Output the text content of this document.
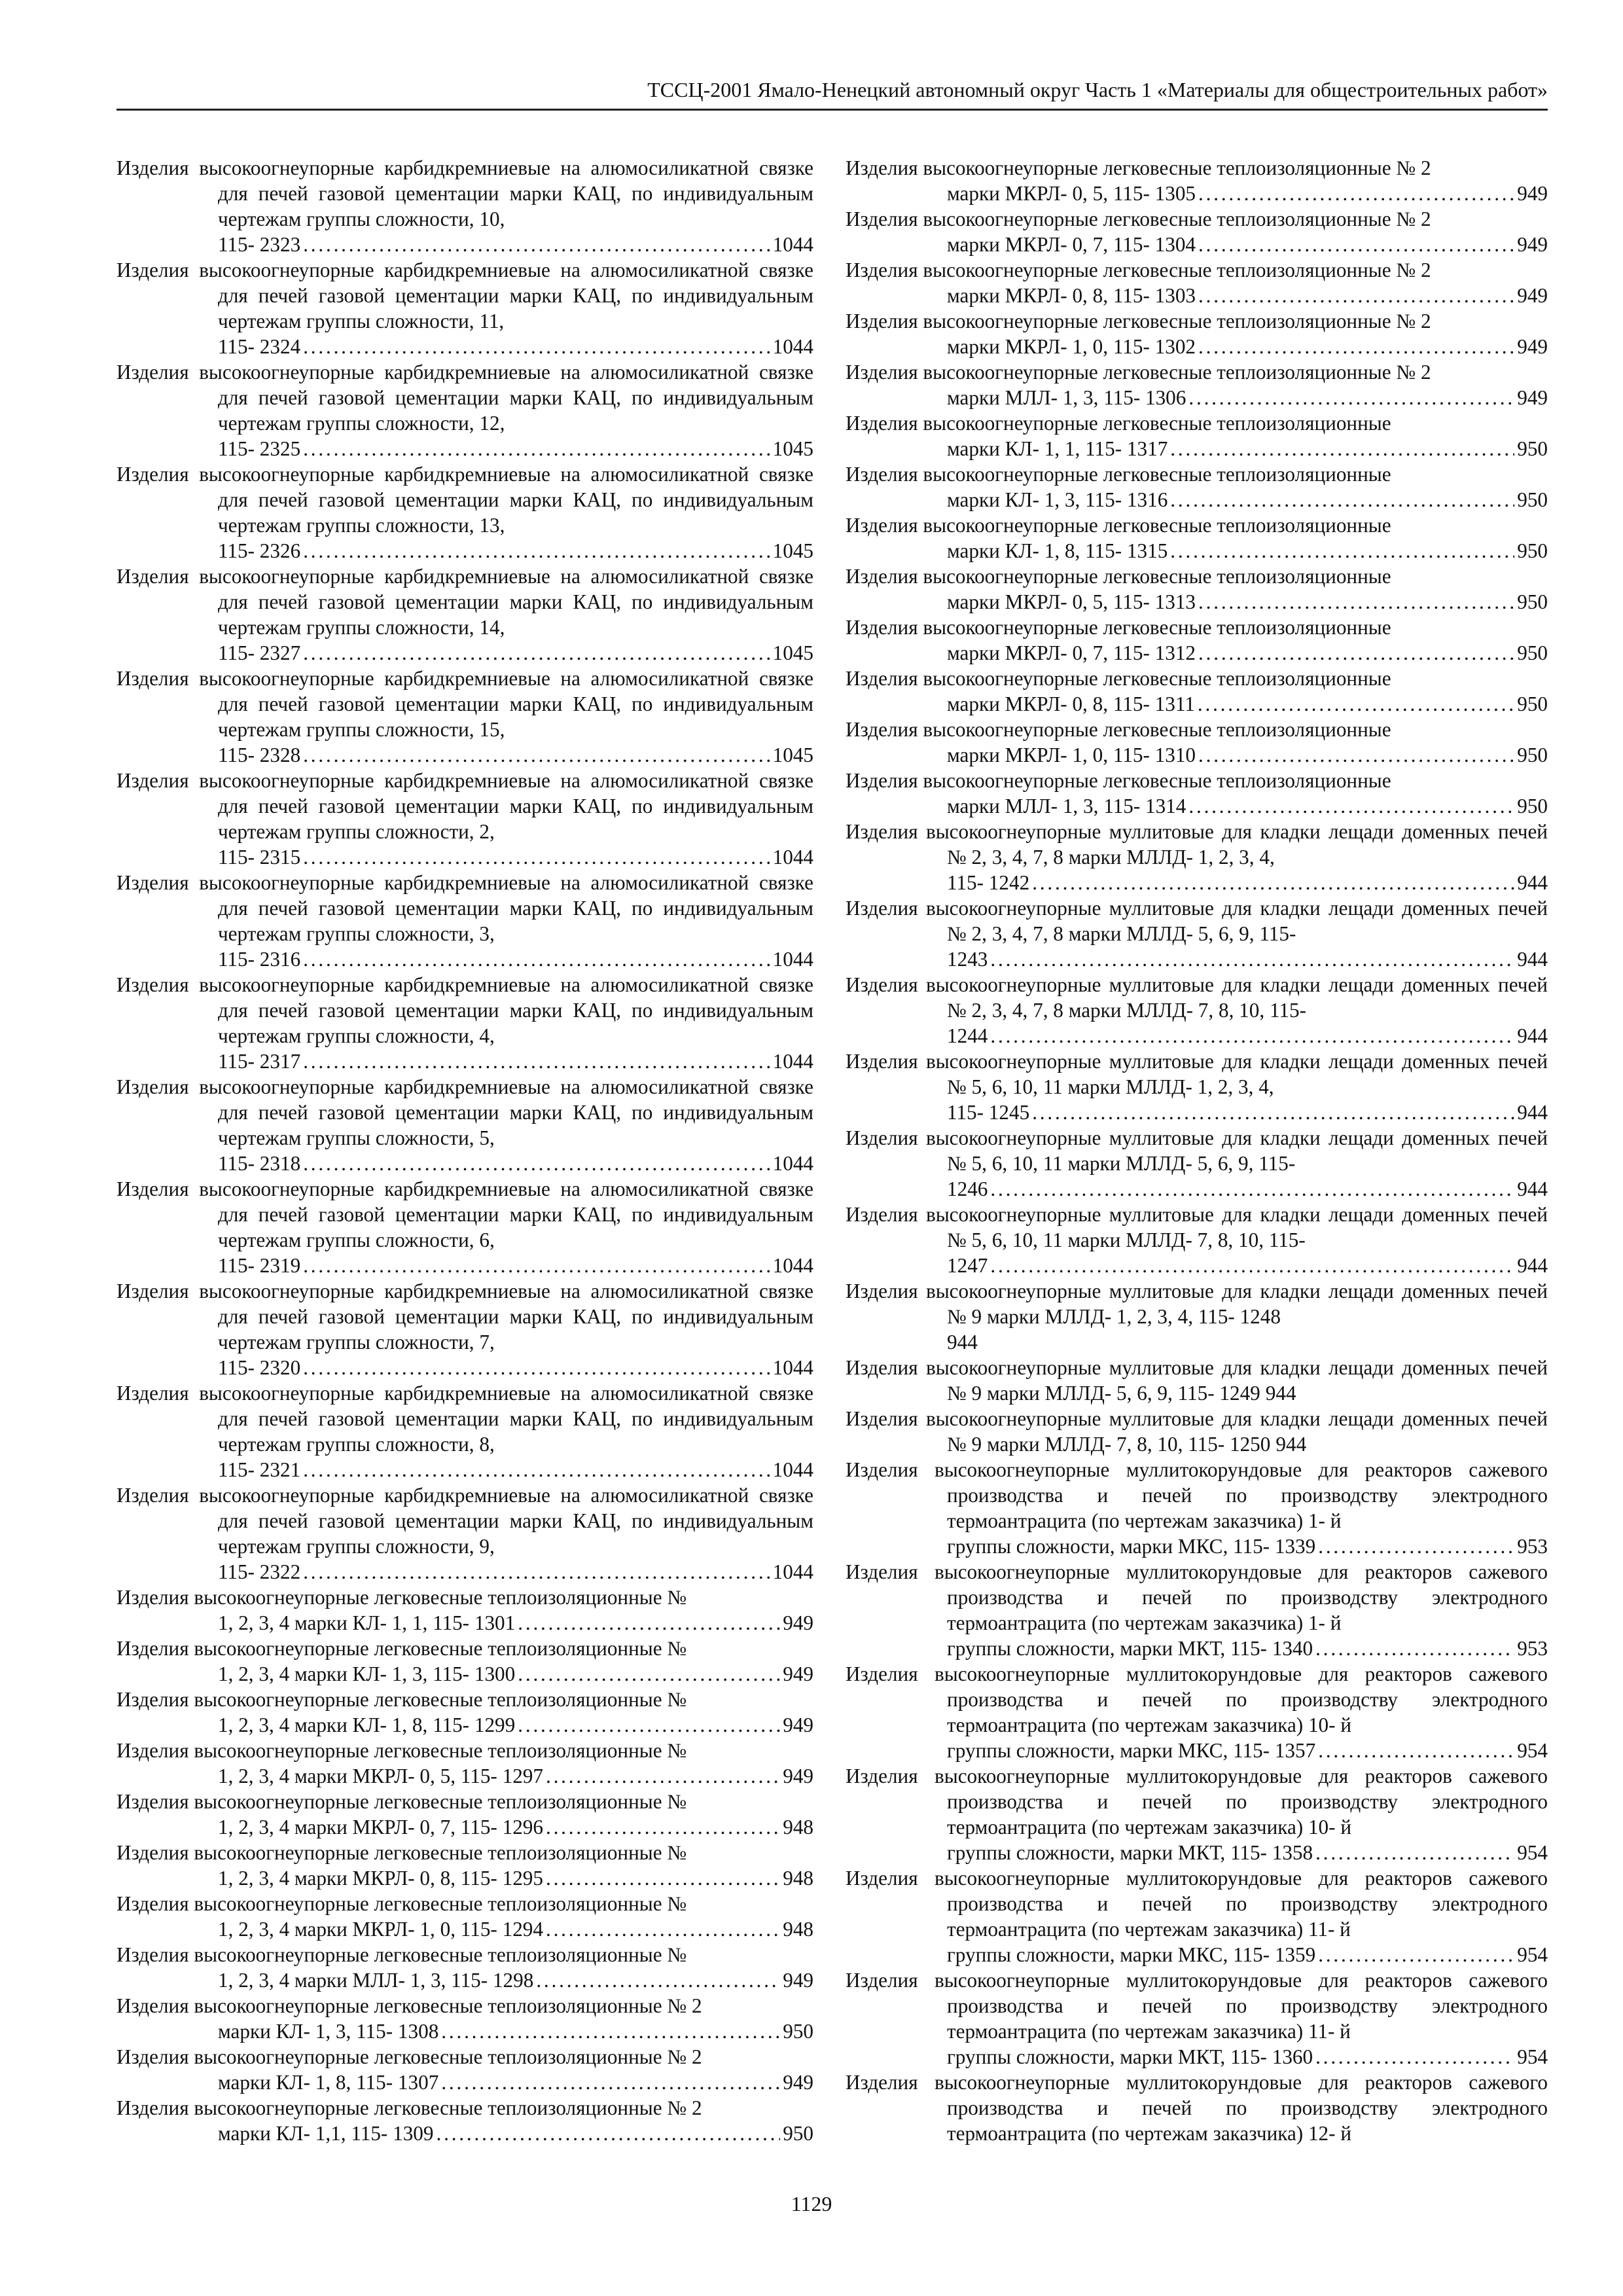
ТССЦ-2001 Ямало-Ненецкий автономный округ Часть 1 «Материалы для общестроительных работ»
Изделия высокоогнеупорные карбидкремниевые на алюмосиликатной связке для печей газовой цементации марки КАЦ, по индивидуальным чертежам группы сложности, 10,
115- 2323 . . .	1044
Изделия высокоогнеупорные карбидкремниевые на алюмосиликатной связке для печей газовой цементации марки КАЦ, по индивидуальным чертежам группы сложности, 11,
115- 2324 . . .	1044
Изделия высокоогнеупорные карбидкремниевые на алюмосиликатной связке для печей газовой цементации марки КАЦ, по индивидуальным чертежам группы сложности, 12,
115- 2325 . . .	1045
Изделия высокоогнеупорные карбидкремниевые на алюмосиликатной связке для печей газовой цементации марки КАЦ, по индивидуальным чертежам группы сложности, 13,
115- 2326 . . .	1045
Изделия высокоогнеупорные карбидкремниевые на алюмосиликатной связке для печей газовой цементации марки КАЦ, по индивидуальным чертежам группы сложности, 14,
115- 2327 . . .	1045
Изделия высокоогнеупорные карбидкремниевые на алюмосиликатной связке для печей газовой цементации марки КАЦ, по индивидуальным чертежам группы сложности, 15,
115- 2328 . . .	1045
Изделия высокоогнеупорные карбидкремниевые на алюмосиликатной связке для печей газовой цементации марки КАЦ, по индивидуальным чертежам группы сложности, 2,
115- 2315 . . .	1044
Изделия высокоогнеупорные карбидкремниевые на алюмосиликатной связке для печей газовой цементации марки КАЦ, по индивидуальным чертежам группы сложности, 3,
115- 2316 . . .	1044
Изделия высокоогнеупорные карбидкремниевые на алюмосиликатной связке для печей газовой цементации марки КАЦ, по индивидуальным чертежам группы сложности, 4,
115- 2317 . . .	1044
Изделия высокоогнеупорные карбидкремниевые на алюмосиликатной связке для печей газовой цементации марки КАЦ, по индивидуальным чертежам группы сложности, 5,
115- 2318 . . .	1044
Изделия высокоогнеупорные карбидкремниевые на алюмосиликатной связке для печей газовой цементации марки КАЦ, по индивидуальным чертежам группы сложности, 6,
115- 2319 . . .	1044
Изделия высокоогнеупорные карбидкремниевые на алюмосиликатной связке для печей газовой цементации марки КАЦ, по индивидуальным чертежам группы сложности, 7,
115- 2320 . . .	1044
Изделия высокоогнеупорные карбидкремниевые на алюмосиликатной связке для печей газовой цементации марки КАЦ, по индивидуальным чертежам группы сложности, 8,
115- 2321 . . .	1044
Изделия высокоогнеупорные карбидкремниевые на алюмосиликатной связке для печей газовой цементации марки КАЦ, по индивидуальным чертежам группы сложности, 9,
115- 2322 . . .	1044
Изделия высокоогнеупорные легковесные теплоизоляционные №
1, 2, 3, 4 марки КЛ- 1, 1, 115- 1301 . . .	949
Изделия высокоогнеупорные легковесные теплоизоляционные №
1, 2, 3, 4 марки КЛ- 1, 3, 115- 1300 . . .	949
Изделия высокоогнеупорные легковесные теплоизоляционные №
1, 2, 3, 4 марки КЛ- 1, 8, 115- 1299 . . .	949
Изделия высокоогнеупорные легковесные теплоизоляционные №
1, 2, 3, 4 марки МКРЛ- 0, 5, 115- 1297 . . .	949
Изделия высокоогнеупорные легковесные теплоизоляционные №
1, 2, 3, 4 марки МКРЛ- 0, 7, 115- 1296 . . .	948
Изделия высокоогнеупорные легковесные теплоизоляционные №
1, 2, 3, 4 марки МКРЛ- 0, 8, 115- 1295 . . .	948
Изделия высокоогнеупорные легковесные теплоизоляционные №
1, 2, 3, 4 марки МКРЛ- 1, 0, 115- 1294 . . .	948
Изделия высокоогнеупорные легковесные теплоизоляционные №
1, 2, 3, 4 марки МЛЛ- 1, 3, 115- 1298 . . .	949
Изделия высокоогнеупорные легковесные теплоизоляционные № 2
марки КЛ- 1, 3, 115- 1308 . . .	950
Изделия высокоогнеупорные легковесные теплоизоляционные № 2
марки КЛ- 1, 8, 115- 1307 . . .	949
Изделия высокоогнеупорные легковесные теплоизоляционные № 2
марки КЛ- 1,1, 115- 1309 . . .	950
Изделия высокоогнеупорные легковесные теплоизоляционные № 2
марки МКРЛ- 0, 5, 115- 1305 . . .	949
Изделия высокоогнеупорные легковесные теплоизоляционные № 2
марки МКРЛ- 0, 7, 115- 1304 . . .	949
Изделия высокоогнеупорные легковесные теплоизоляционные № 2
марки МКРЛ- 0, 8, 115- 1303 . . .	949
Изделия высокоогнеупорные легковесные теплоизоляционные № 2
марки МКРЛ- 1, 0, 115- 1302 . . .	949
Изделия высокоогнеупорные легковесные теплоизоляционные № 2
марки МЛЛ- 1, 3, 115- 1306 . . .	949
Изделия высокоогнеупорные легковесные теплоизоляционные
марки КЛ- 1, 1, 115- 1317 . . .	950
Изделия высокоогнеупорные легковесные теплоизоляционные
марки КЛ- 1, 3, 115- 1316 . . .	950
Изделия высокоогнеупорные легковесные теплоизоляционные
марки КЛ- 1, 8, 115- 1315 . . .	950
Изделия высокоогнеупорные легковесные теплоизоляционные
марки МКРЛ- 0, 5, 115- 1313 . . .	950
Изделия высокоогнеупорные легковесные теплоизоляционные
марки МКРЛ- 0, 7, 115- 1312 . . .	950
Изделия высокоогнеупорные легковесные теплоизоляционные
марки МКРЛ- 0, 8, 115- 1311 . . .	950
Изделия высокоогнеупорные легковесные теплоизоляционные
марки МКРЛ- 1, 0, 115- 1310 . . .	950
Изделия высокоогнеупорные легковесные теплоизоляционные
марки МЛЛ- 1, 3, 115- 1314 . . .	950
Изделия высокоогнеупорные муллитовые для кладки лещади доменных печей № 2, 3, 4, 7, 8 марки МЛЛД- 1, 2, 3, 4,
115- 1242 . . .	944
Изделия высокоогнеупорные муллитовые для кладки лещади доменных печей № 2, 3, 4, 7, 8 марки МЛЛД- 5, 6, 9, 115-
1243 . . .	944
Изделия высокоогнеупорные муллитовые для кладки лещади доменных печей № 2, 3, 4, 7, 8 марки МЛЛД- 7, 8, 10, 115-
1244 . . .	944
Изделия высокоогнеупорные муллитовые для кладки лещади доменных печей № 5, 6, 10, 11 марки МЛЛД- 1, 2, 3, 4,
115- 1245 . . .	944
Изделия высокоогнеупорные муллитовые для кладки лещади доменных печей № 5, 6, 10, 11 марки МЛЛД- 5, 6, 9, 115-
1246 . . .	944
Изделия высокоогнеупорные муллитовые для кладки лещади доменных печей № 5, 6, 10, 11 марки МЛЛД- 7, 8, 10, 115-
1247 . . .	944
Изделия высокоогнеупорные муллитовые для кладки лещади доменных печей № 9 марки МЛЛД- 1, 2, 3, 4, 115- 1248
944
Изделия высокоогнеупорные муллитовые для кладки лещади доменных печей № 9 марки МЛЛД- 5, 6, 9, 115- 1249 944
Изделия высокоогнеупорные муллитовые для кладки лещади доменных печей № 9 марки МЛЛД- 7, 8, 10, 115- 1250 944
Изделия высокоогнеупорные муллитокорундовые для реакторов сажевого производства и печей по производству электродного термоантрацита (по чертежам заказчика) 1- й
группы сложности, марки МКС, 115- 1339 . . .	953
Изделия высокоогнеупорные муллитокорундовые для реакторов сажевого производства и печей по производству электродного термоантрацита (по чертежам заказчика) 1- й
группы сложности, марки МКТ, 115- 1340 . . .	953
Изделия высокоогнеупорные муллитокорундовые для реакторов сажевого производства и печей по производству электродного термоантрацита (по чертежам заказчика) 10- й
группы сложности, марки МКС, 115- 1357 . . .	954
Изделия высокоогнеупорные муллитокорундовые для реакторов сажевого производства и печей по производству электродного термоантрацита (по чертежам заказчика) 10- й
группы сложности, марки МКТ, 115- 1358 . . .	954
Изделия высокоогнеупорные муллитокорундовые для реакторов сажевого производства и печей по производству электродного термоантрацита (по чертежам заказчика) 11- й
группы сложности, марки МКС, 115- 1359 . . .	954
Изделия высокоогнеупорные муллитокорундовые для реакторов сажевого производства и печей по производству электродного термоантрацита (по чертежам заказчика) 11- й
группы сложности, марки МКТ, 115- 1360 . . .	954
Изделия высокоогнеупорные муллитокорундовые для реакторов сажевого производства и печей по производству электродного термоантрацита (по чертежам заказчика) 12- й
1129
